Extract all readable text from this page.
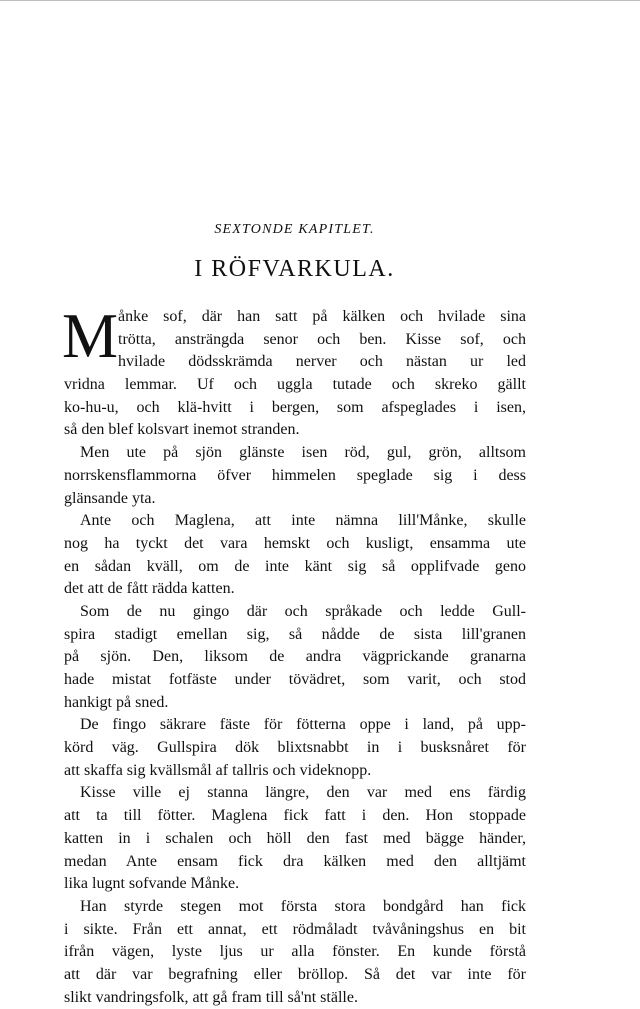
SEXTONDE KAPITLET.
I RÖFVARKULA.
M ånke sof, där han satt på kälken och hvilade sina
trötta, ansträngda senor och ben. Kisse sof, och
hvilade dödsskrämda nerver och nästan ur led
vridna lemmar. Uf och uggla tutade och skreko gällt
ko-hu-u, och klä-hvitt i bergen, som afspeglades i isen,
så den blef kolsvart inemot stranden.
Men ute på sjön glänste isen röd, gul, grön, alltsom
norrskensflammorna öfver himmelen speglade sig i dess
glänsande yta.
Ante och Maglena, att inte nämna lill'Månke, skulle
nog ha tyckt det vara hemskt och kusligt, ensamma ute
en sådan kväll, om de inte känt sig så opplifvade geno
det att de fått rädda katten.
Som de nu gingo där och språkade och ledde Gull-
spira stadigt emellan sig, så nådde de sista lill'granen
på sjön. Den, liksom de andra vägprickande granarna
hade mistat fotfäste under tövädret, som varit, och stod
hankigt på sned.
De fingo säkrare fäste för fötterna oppe i land, på upp-
körd väg. Gullspira dök blixtsnabbt in i busksnåret för
att skaffa sig kvällsmål af tallris och videknopp.
Kisse ville ej stanna längre, den var med ens färdig
att ta till fötter. Maglena fick fatt i den. Hon stoppade
katten in i schalen och höll den fast med bägge händer,
medan Ante ensam fick dra kälken med den alltjämt
lika lugnt sofvande Månke.
Han styrde stegen mot första stora bondgård han fick
i sikte. Från ett annat, ett rödmåladt tvåvåningshus en bit
ifrån vägen, lyste ljus ur alla fönster. En kunde förstå
att där var begrafning eller bröllop. Så det var inte för
slikt vandringsfolk, att gå fram till så'nt ställe.
